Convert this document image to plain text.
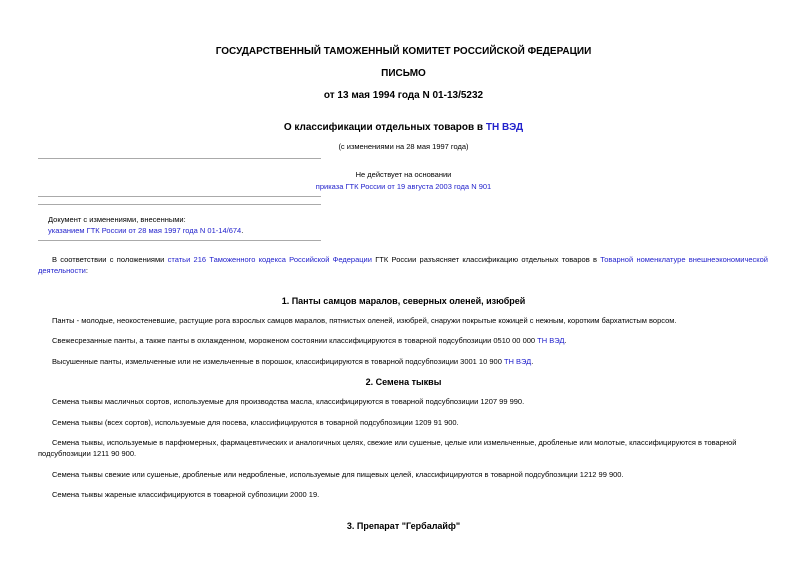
ГОСУДАРСТВЕННЫЙ ТАМОЖЕННЫЙ КОМИТЕТ РОССИЙСКОЙ ФЕДЕРАЦИИ
ПИСЬМО
от 13 мая 1994 года N 01-13/5232
О классификации отдельных товаров в ТН ВЭД
(с изменениями на 28 мая 1997 года)
Не действует на основании
приказа ГТК России от 19 августа 2003 года N 901
Документ с изменениями, внесенными:
указанием ГТК России от 28 мая 1997 года N 01-14/674.
В соответствии с положениями статьи 216 Таможенного кодекса Российской Федерации ГТК России разъясняет классификацию отдельных товаров в Товарной номенклатуре внешнеэкономической деятельности:
1. Панты самцов маралов, северных оленей, изюбрей
Панты - молодые, неокостеневшие, растущие рога взрослых самцов маралов, пятнистых оленей, изюбрей, снаружи покрытые кожицей с нежным, коротким бархатистым ворсом.
Свежесрезанные панты, а также панты в охлажденном, мороженом состоянии классифицируются в товарной подсубпозиции 0510 00 000 ТН ВЭД.
Высушенные панты, измельченные или не измельченные в порошок, классифицируются в товарной подсубпозиции 3001 10 900 ТН ВЭД.
2. Семена тыквы
Семена тыквы масличных сортов, используемые для производства масла, классифицируются в товарной подсубпозиции 1207 99 990.
Семена тыквы (всех сортов), используемые для посева, классифицируются в товарной подсубпозиции 1209 91 900.
Семена тыквы, используемые в парфюмерных, фармацевтических и аналогичных целях, свежие или сушеные, целые или измельченные, дробленые или молотые, классифицируются в товарной подсубпозиции 1211 90 900.
Семена тыквы свежие или сушеные, дробленые или недробленые, используемые для пищевых целей, классифицируются в товарной подсубпозиции 1212 99 900.
Семена тыквы жареные классифицируются в товарной субпозиции 2000 19.
3. Препарат "Гербалайф"
